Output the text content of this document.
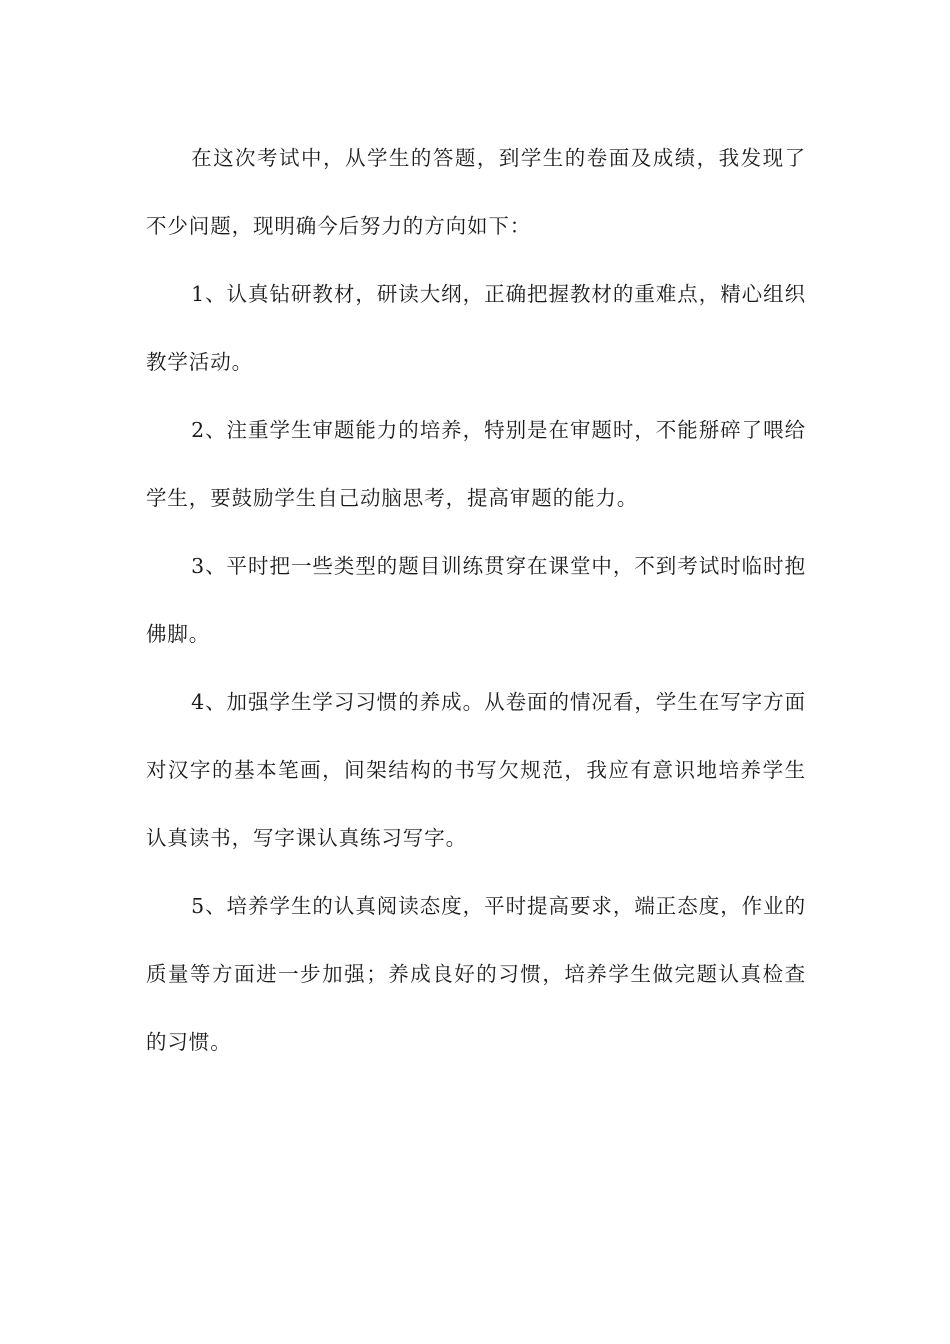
在这次考试中，从学生的答题，到学生的卷面及成绩，我发现了不少问题，现明确今后努力的方向如下：

1、认真钻研教材，研读大纲，正确把握教材的重难点，精心组织教学活动。

2、注重学生审题能力的培养，特别是在审题时，不能掰碎了喂给学生，要鼓励学生自己动脑思考，提高审题的能力。

3、平时把一些类型的题目训练贯穿在课堂中，不到考试时临时抱佛脚。

4、加强学生学习习惯的养成。从卷面的情况看，学生在写字方面对汉字的基本笔画，间架结构的书写欠规范，我应有意识地培养学生认真读书，写字课认真练习写字。

5、培养学生的认真阅读态度，平时提高要求，端正态度，作业的质量等方面进一步加强；养成良好的习惯，培养学生做完题认真检查的习惯。
